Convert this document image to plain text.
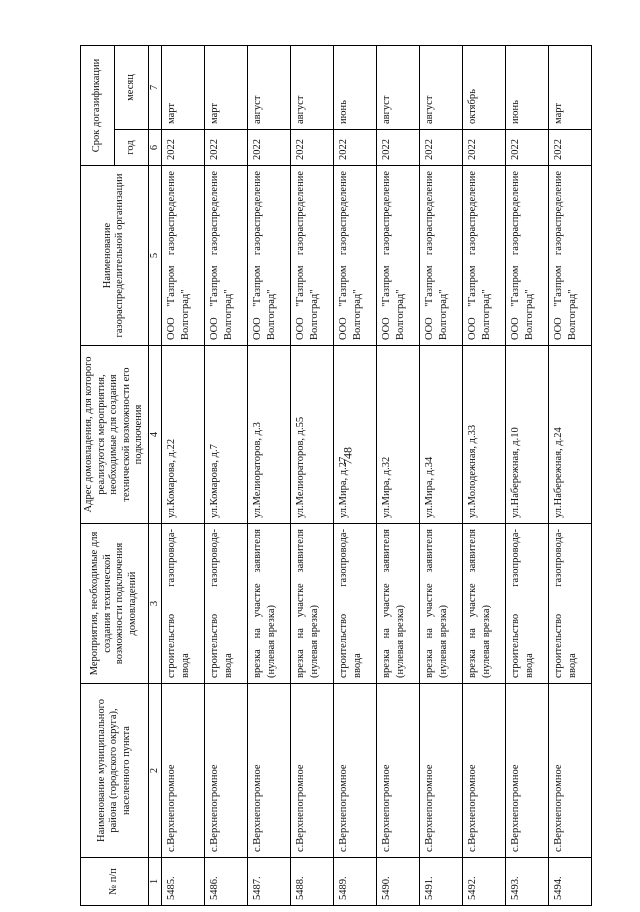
748
№ п/п	Наименование муниципального района (городского округа), населенного пункта	Мероприятия, необходимые для создания технической возможности подключения домовладений	Адрес домовладения, для которого реализуются мероприятия, необходимые для создания технической возможности его подключения	Наименование газораспределительной организации	Срок догазификации	
					год	месяц
1	2	3	4	5	6	7
5485.	с.Верхнепогромное	строительство газопровода-ввода	ул.Комарова, д.22	ООО "Газпром газораспределение Волгоград"	2022	март
5486.	с.Верхнепогромное	строительство газопровода-ввода	ул.Комарова, д.7	ООО "Газпром газораспределение Волгоград"	2022	март
5487.	с.Верхнепогромное	врезка на участке заявителя (нулевая врезка)	ул.Мелиораторов, д.3	ООО "Газпром газораспределение Волгоград"	2022	август
5488.	с.Верхнепогромное	врезка на участке заявителя (нулевая врезка)	ул.Мелиораторов, д.55	ООО "Газпром газораспределение Волгоград"	2022	август
5489.	с.Верхнепогромное	строительство газопровода-ввода	ул.Мира, д.27	ООО "Газпром газораспределение Волгоград"	2022	июнь
5490.	с.Верхнепогромное	врезка на участке заявителя (нулевая врезка)	ул.Мира, д.32	ООО "Газпром газораспределение Волгоград"	2022	август
5491.	с.Верхнепогромное	врезка на участке заявителя (нулевая врезка)	ул.Мира, д.34	ООО "Газпром газораспределение Волгоград"	2022	август
5492.	с.Верхнепогромное	врезка на участке заявителя (нулевая врезка)	ул.Молодежная, д.33	ООО "Газпром газораспределение Волгоград"	2022	октябрь
5493.	с.Верхнепогромное	строительство газопровода-ввода	ул.Набережная, д.10	ООО "Газпром газораспределение Волгоград"	2022	июнь
5494.	с.Верхнепогромное	строительство газопровода-ввода	ул.Набережная, д.24	ООО "Газпром газораспределение Волгоград"	2022	март
